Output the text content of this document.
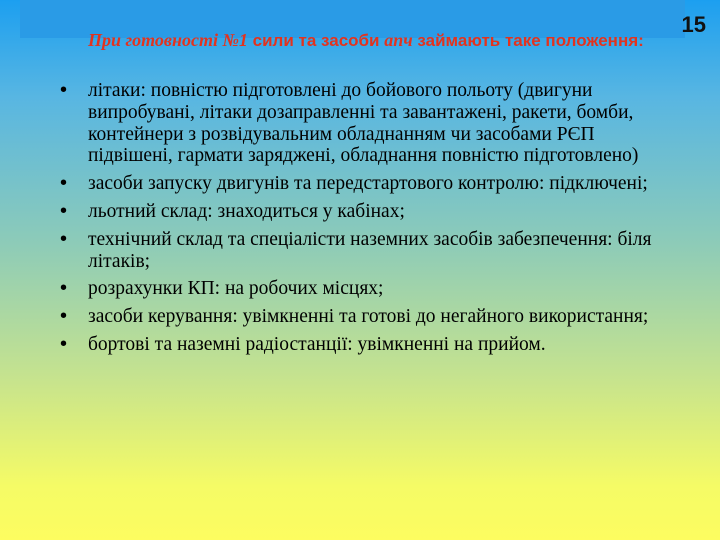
15
При готовності №1 сили та засоби апч займають таке положення:
• літаки: повністю підготовлені до бойового польоту (двигуни випробувані, літаки дозаправленні та завантажені, ракети, бомби, контейнери з розвідувальним обладнанням чи засобами РЄП підвішені, гармати заряджені, обладнання повністю підготовлено)
• засоби запуску двигунів та передстартового контролю: підключені;
• льотний склад: знаходиться у кабінах;
• технічний склад та спеціалісти наземних засобів забезпечення: біля літаків;
• розрахунки КП: на робочих місцях;
• засоби керування: увімкненні та готові до негайного використання;
• бортові та наземні радіостанції: увімкненні на прийом.
